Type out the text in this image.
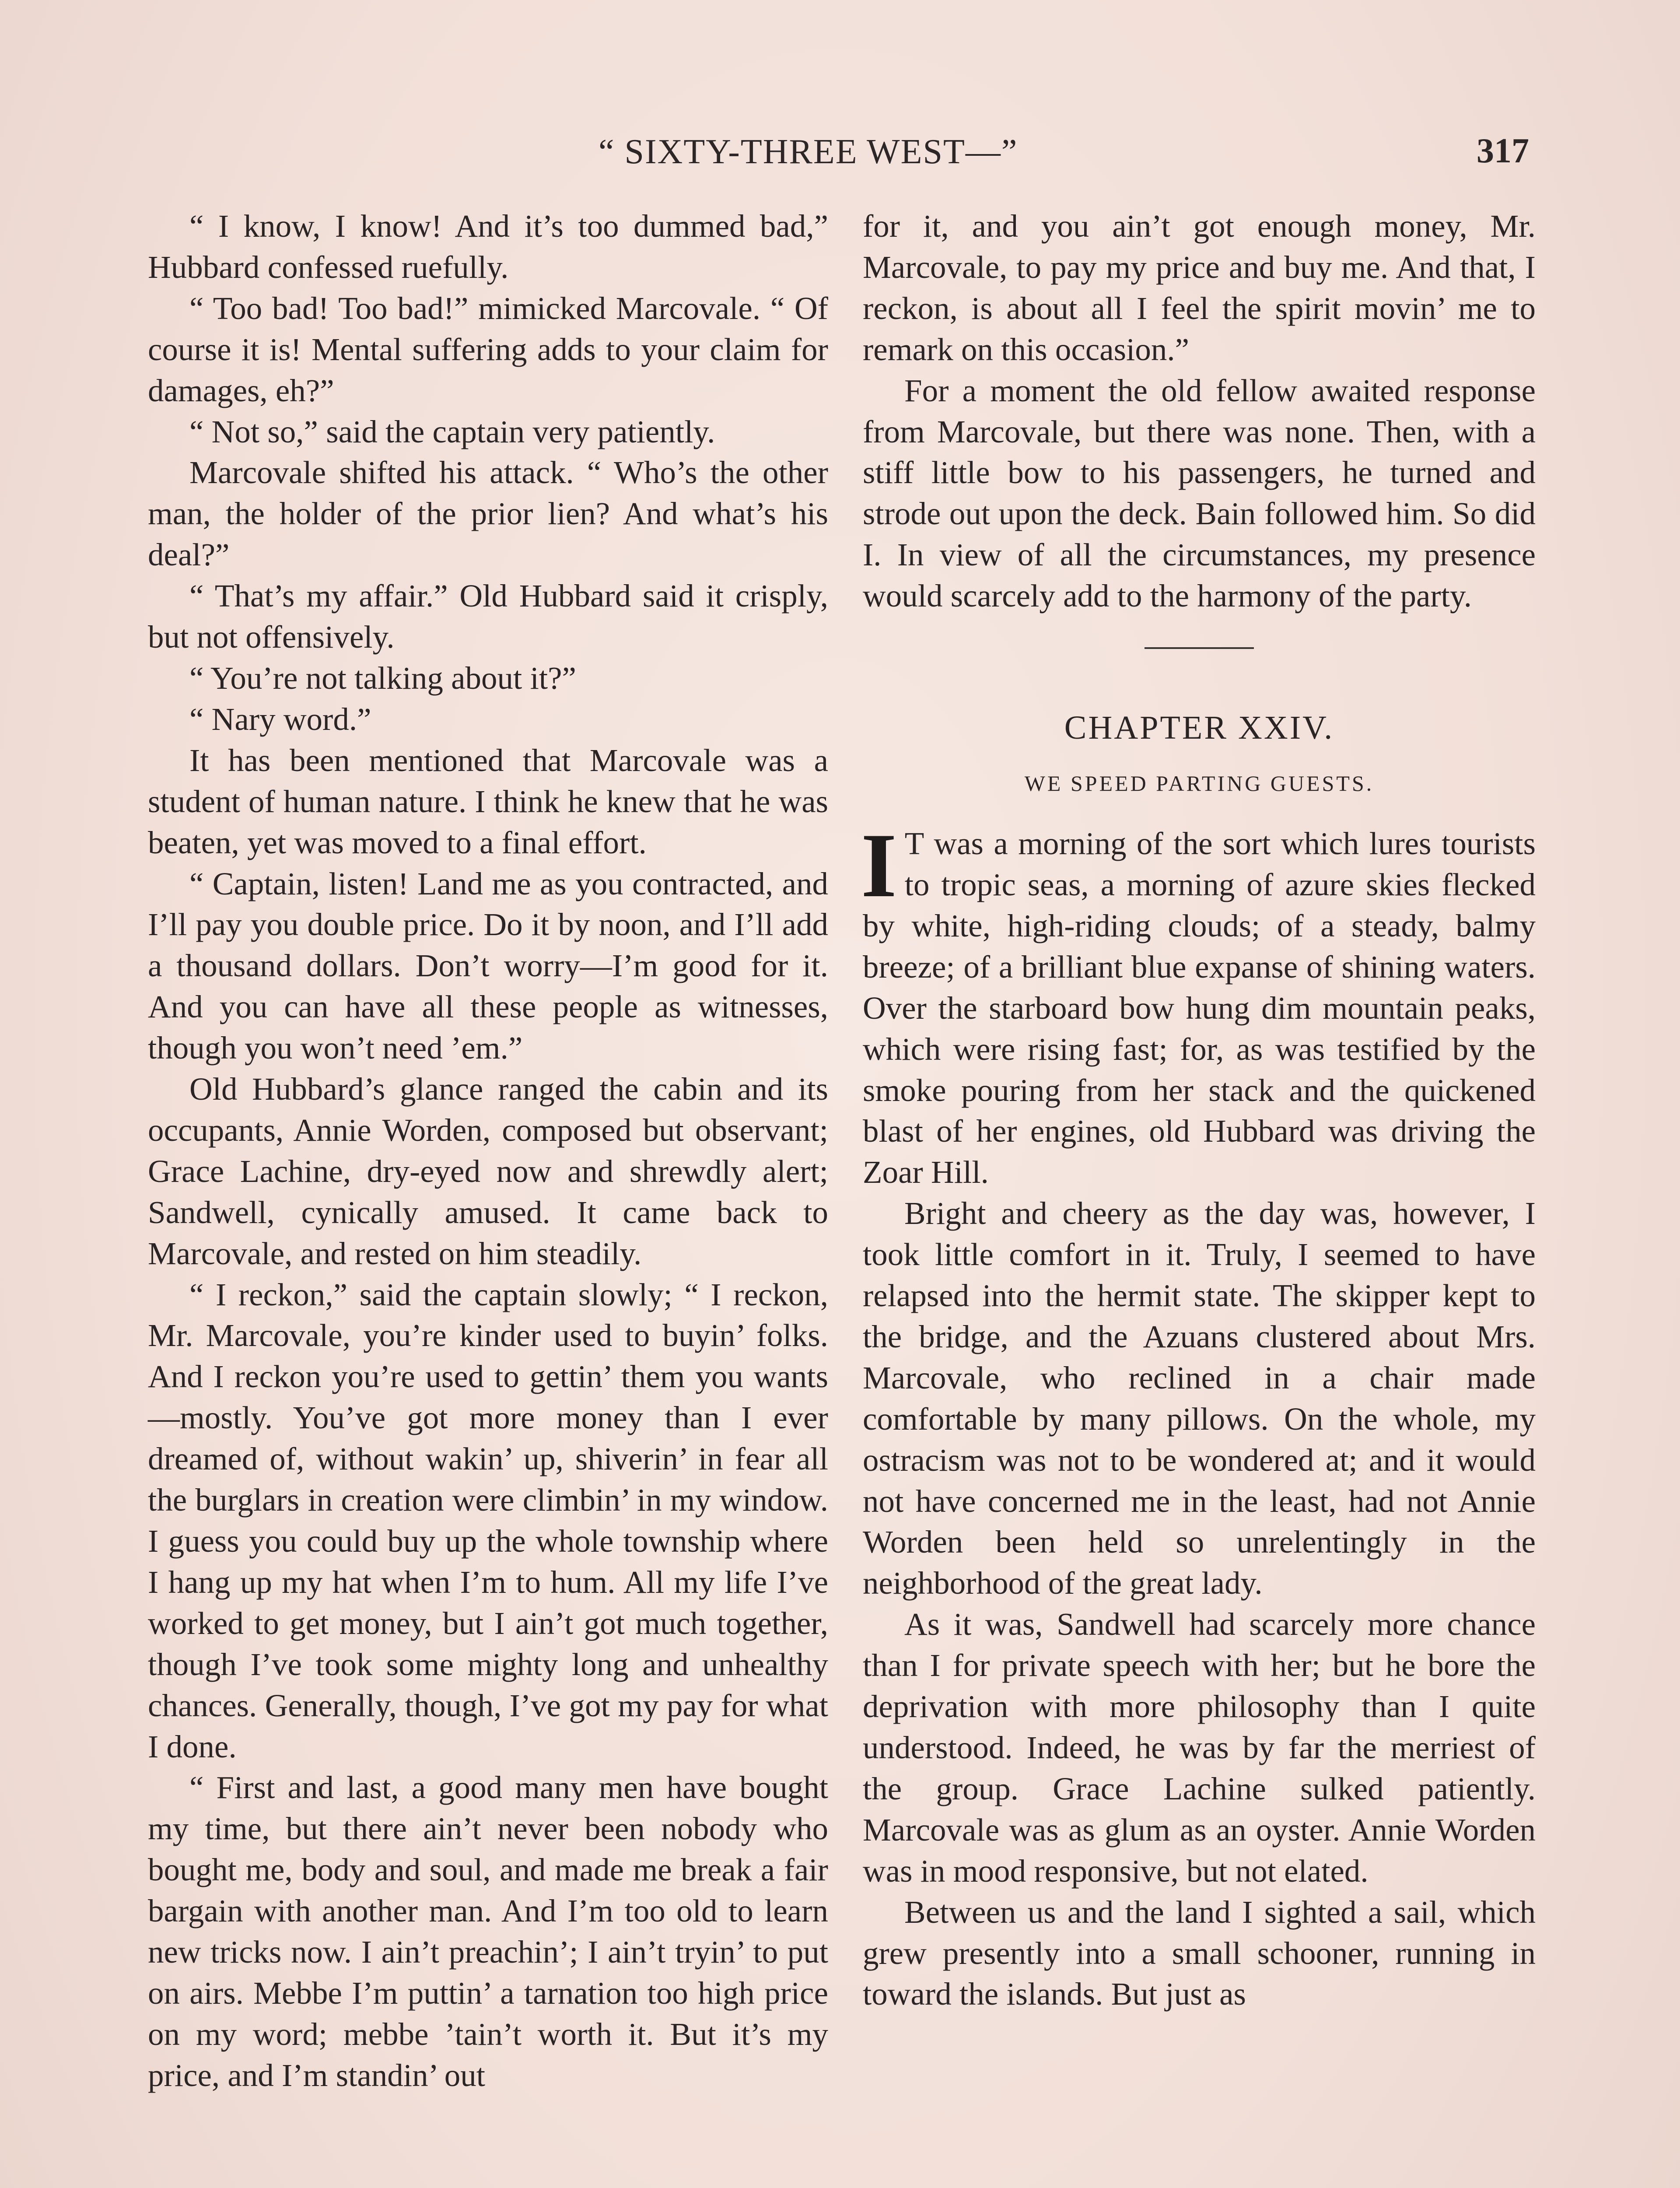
“ SIXTY-THREE WEST—”	317

“ I know, I know! And it’s too dummed bad,” Hubbard confessed ruefully.

“ Too bad! Too bad!” mimicked Marcovale. “ Of course it is! Mental suffering adds to your claim for damages, eh?”

“ Not so,” said the captain very patiently.

Marcovale shifted his attack. “ Who’s the other man, the holder of the prior lien? And what’s his deal?”

“ That’s my affair.” Old Hubbard said it crisply, but not offensively.

“ You’re not talking about it?”

“ Nary word.”

It has been mentioned that Marcovale was a student of human nature. I think he knew that he was beaten, yet was moved to a final effort.

“ Captain, listen! Land me as you contracted, and I’ll pay you double price. Do it by noon, and I’ll add a thousand dollars. Don’t worry—I’m good for it. And you can have all these people as witnesses, though you won’t need ’em.”

Old Hubbard’s glance ranged the cabin and its occupants, Annie Worden, composed but observant; Grace Lachine, dry-eyed now and shrewdly alert; Sandwell, cynically amused. It came back to Marcovale, and rested on him steadily.

“ I reckon,” said the captain slowly; “ I reckon, Mr. Marcovale, you’re kinder used to buyin’ folks. And I reckon you’re used to gettin’ them you wants—mostly. You’ve got more money than I ever dreamed of, without wakin’ up, shiverin’ in fear all the burglars in creation were climbin’ in my window. I guess you could buy up the whole township where I hang up my hat when I’m to hum. All my life I’ve worked to get money, but I ain’t got much together, though I’ve took some mighty long and unhealthy chances. Generally, though, I’ve got my pay for what I done.

“ First and last, a good many men have bought my time, but there ain’t never been nobody who bought me, body and soul, and made me break a fair bargain with another man. And I’m too old to learn new tricks now. I ain’t preachin’; I ain’t tryin’ to put on airs. Mebbe I’m puttin’ a tarnation too high price on my word; mebbe ’tain’t worth it. But it’s my price, and I’m standin’ out

for it, and you ain’t got enough money, Mr. Marcovale, to pay my price and buy me. And that, I reckon, is about all I feel the spirit movin’ me to remark on this occasion.”

For a moment the old fellow awaited response from Marcovale, but there was none. Then, with a stiff little bow to his passengers, he turned and strode out upon the deck. Bain followed him. So did I. In view of all the circumstances, my presence would scarcely add to the harmony of the party.

CHAPTER XXIV.
WE SPEED PARTING GUESTS.

I T was a morning of the sort which lures tourists to tropic seas, a morning of azure skies flecked by white, high-riding clouds; of a steady, balmy breeze; of a brilliant blue expanse of shining waters. Over the starboard bow hung dim mountain peaks, which were rising fast; for, as was testified by the smoke pouring from her stack and the quickened blast of her engines, old Hubbard was driving the Zoar Hill.

Bright and cheery as the day was, however, I took little comfort in it. Truly, I seemed to have relapsed into the hermit state. The skipper kept to the bridge, and the Azuans clustered about Mrs. Marcovale, who reclined in a chair made comfortable by many pillows. On the whole, my ostracism was not to be wondered at; and it would not have concerned me in the least, had not Annie Worden been held so unrelentingly in the neighborhood of the great lady.

As it was, Sandwell had scarcely more chance than I for private speech with her; but he bore the deprivation with more philosophy than I quite understood. Indeed, he was by far the merriest of the group. Grace Lachine sulked patiently. Marcovale was as glum as an oyster. Annie Worden was in mood responsive, but not elated.

Between us and the land I sighted a sail, which grew presently into a small schooner, running in toward the islands. But just as
